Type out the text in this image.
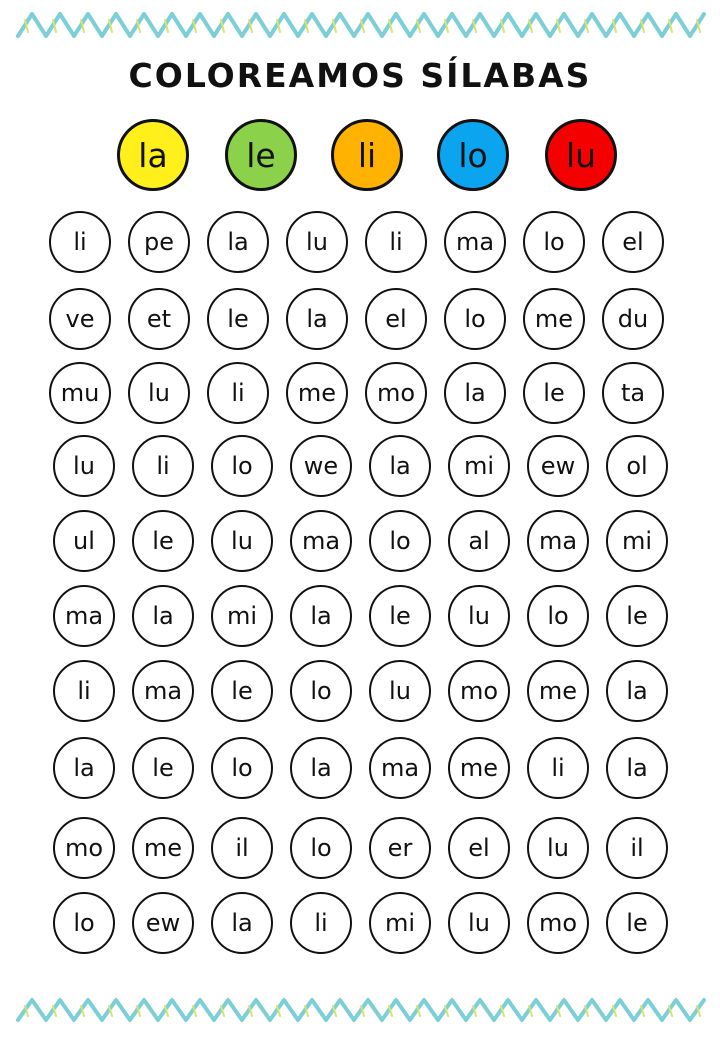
COLOREAMOS SÍLABAS
la le li lo lu
li	pe	la	lu	li	ma	lo	el
ve	et	le	la	el	lo	me	du
mu	lu	li	me	mo	la	le	ta
lu	li	lo	we	la	mi	ew	ol
ul	le	lu	ma	lo	al	ma	mi
ma	la	mi	la	le	lu	lo	le
li	ma	le	lo	lu	mo	me	la
la	le	lo	la	ma	me	li	la
mo	me	il	lo	er	el	lu	il
lo	ew	la	li	mi	lu	mo	le
